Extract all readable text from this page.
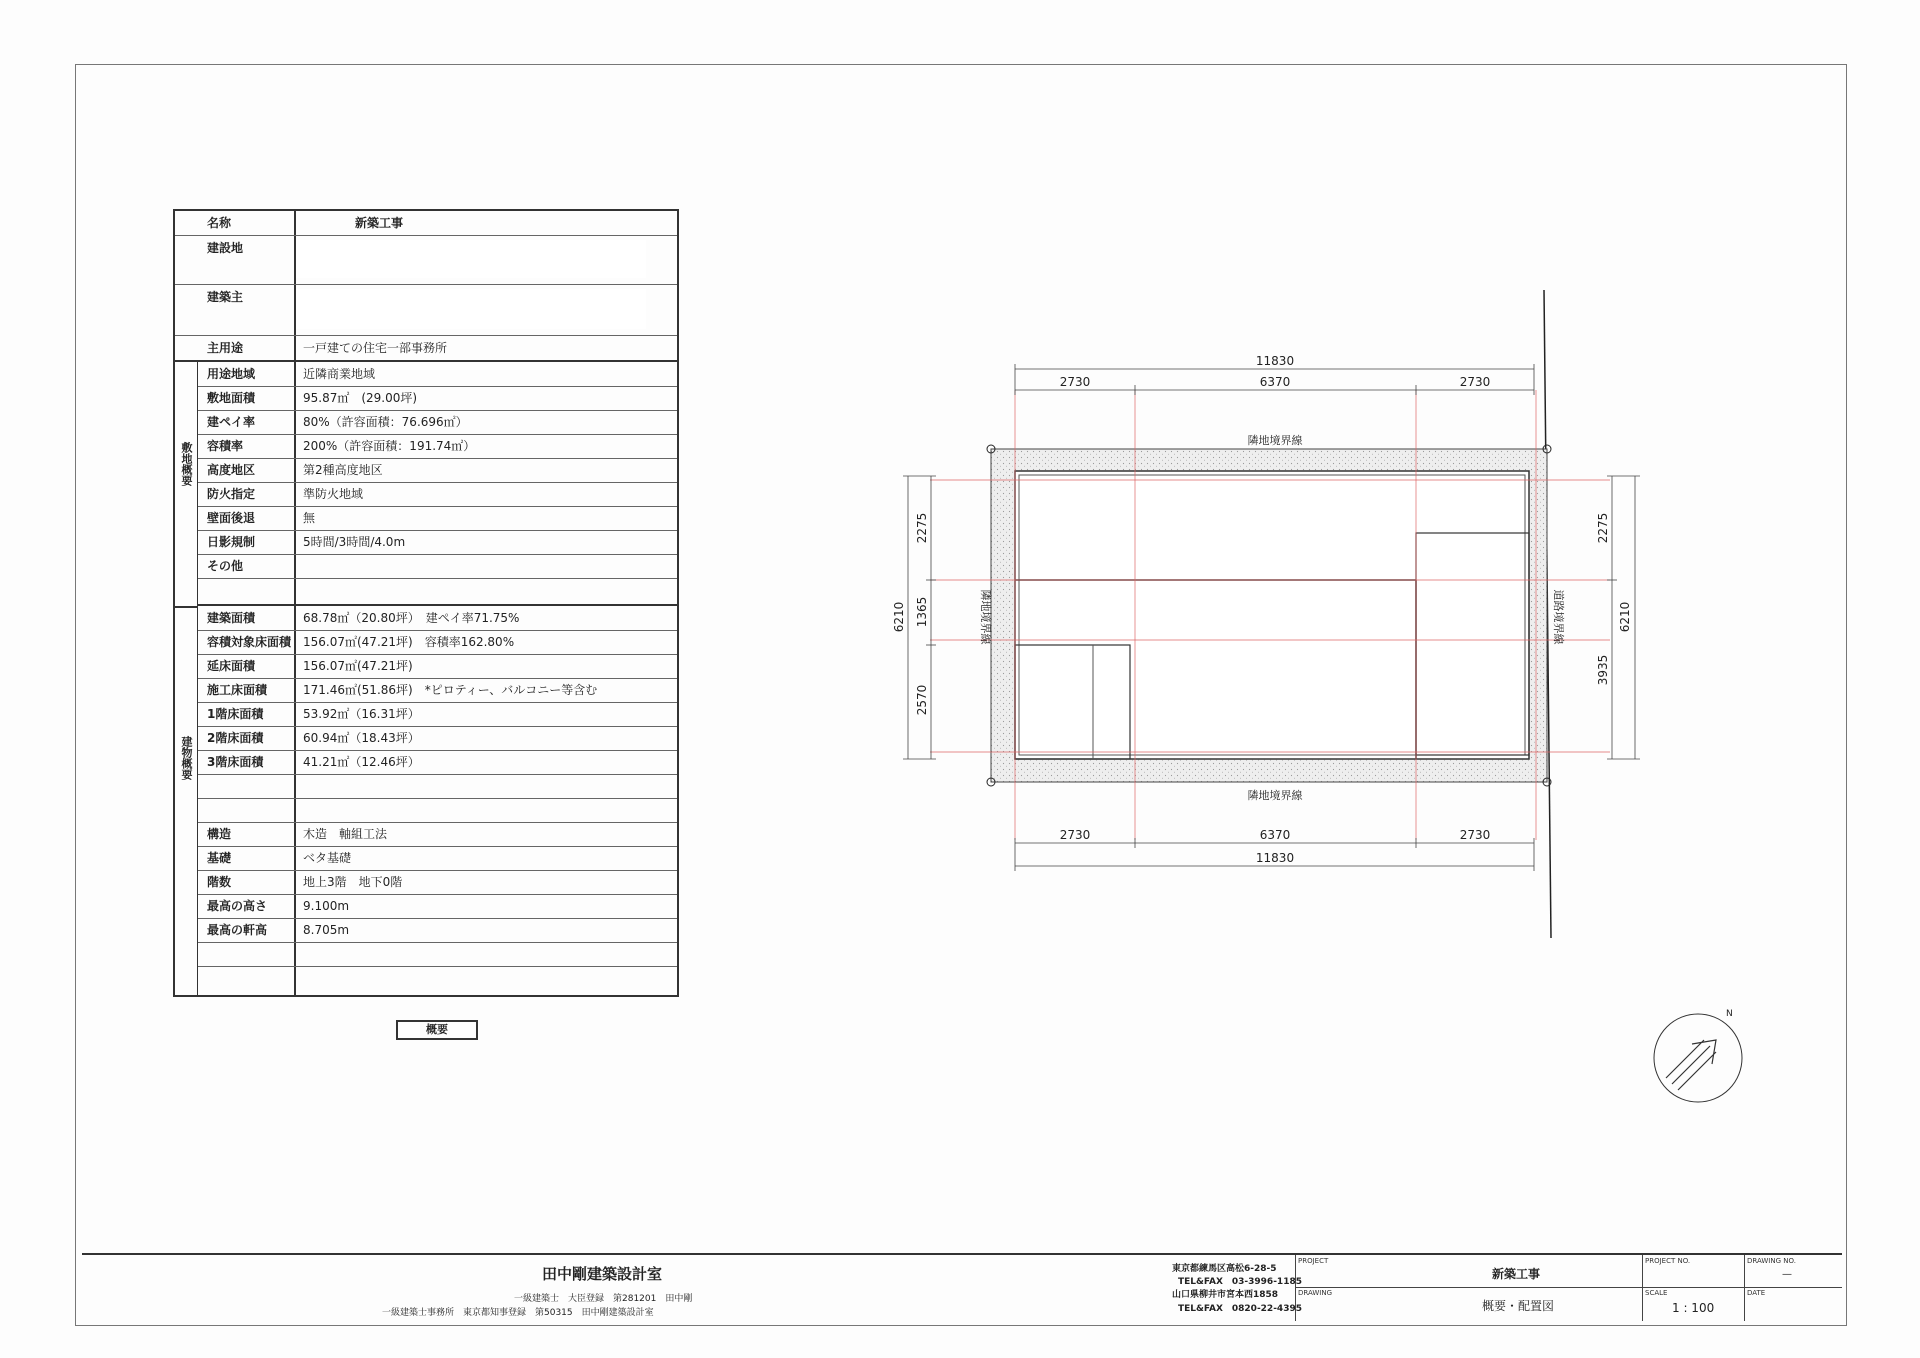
名称	新築工事
建設地
建築主
主用途	一戸建ての住宅一部事務所
敷地概要
用途地域	近隣商業地域
敷地面積	95.87㎡　(29.00坪)
建ペイ率	80%（許容面積：76.696㎡）
容積率	200%（許容面積：191.74㎡）
高度地区	第2種高度地区
防火指定	準防火地域
壁面後退	無
日影規制	5時間/3時間/4.0m
その他
建物概要
建築面積	68.78㎡（20.80坪）　建ペイ率71.75%
容積対象床面積 156.07㎡(47.21坪)　容積率162.80%
延床面積	156.07㎡(47.21坪)
施工床面積	171.46㎡(51.86坪)　*ピロティー、バルコニー等含む
1階床面積	53.92㎡（16.31坪）
2階床面積	60.94㎡（18.43坪）
3階床面積	41.21㎡（12.46坪）
構造	木造　軸組工法
基礎	ベタ基礎
階数	地上3階　地下0階
最高の高さ	9.100m
最高の軒高	8.705m
概要
11830
2730	6370	2730
2730	6370	2730
11830
6210
2275
1365
2570
6210
2275
3935
隣地境界線
隣地境界線
隣地境界線	道路境界線
N
田中剛建築設計室
一級建築士　大臣登録　第281201　田中剛
一級建築士事務所　東京都知事登録　第50315　田中剛建築設計室
東京都練馬区高松6-28-5
TEL&FAX　03-3996-1185
山口県柳井市宮本西1858
TEL&FAX　0820-22-4395
PROJECT
新築工事
DRAWING
概要・配置図
PROJECT NO.	DRAWING NO.
—
SCALE
1 : 100
DATE
